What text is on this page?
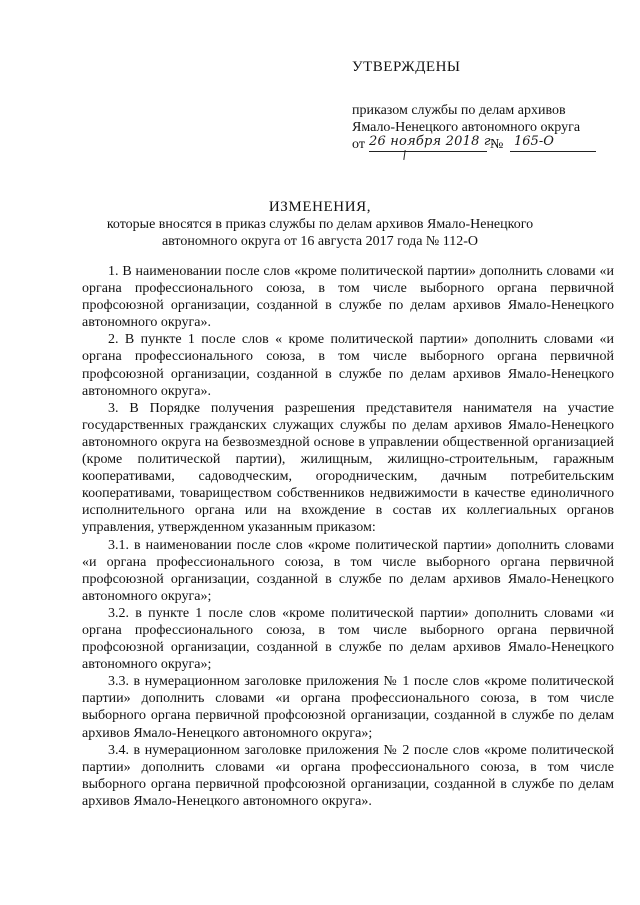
УТВЕРЖДЕНЫ
приказом службы по делам архивов
Ямало-Ненецкого автономного округа
от 26 ноября 2018 г.
№ 165-О
ИЗМЕНЕНИЯ,
которые вносятся в приказ службы по делам архивов Ямало-Ненецкого
автономного округа от 16 августа 2017 года № 112-О

1. В наименовании после слов «кроме политической партии» дополнить словами «и органа профессионального союза, в том числе выборного органа первичной профсоюзной организации, созданной в службе по делам архивов Ямало-Ненецкого автономного округа».

2. В пункте 1 после слов « кроме политической партии» дополнить словами «и органа профессионального союза, в том числе выборного органа первичной профсоюзной организации, созданной в службе по делам архивов Ямало-Ненецкого автономного округа».

3. В Порядке получения разрешения представителя нанимателя на участие государственных гражданских служащих службы по делам архивов Ямало-Ненецкого автономного округа на безвозмездной основе в управлении общественной организацией (кроме политической партии), жилищным, жилищно-строительным, гаражным кооперативами, садоводческим, огородническим, дачным потребительским кооперативами, товариществом собственников недвижимости в качестве единоличного исполнительного органа или на вхождение в состав их коллегиальных органов управления, утвержденном указанным приказом:

3.1. в наименовании после слов «кроме политической партии» дополнить словами «и органа профессионального союза, в том числе выборного органа первичной профсоюзной организации, созданной в службе по делам архивов Ямало-Ненецкого автономного округа»;

3.2. в пункте 1 после слов «кроме политической партии» дополнить словами «и органа профессионального союза, в том числе выборного органа первичной профсоюзной организации, созданной в службе по делам архивов Ямало-Ненецкого автономного округа»;

3.3. в нумерационном заголовке приложения № 1 после слов «кроме политической партии» дополнить словами «и органа профессионального союза, в том числе выборного органа первичной профсоюзной организации, созданной в службе по делам архивов Ямало-Ненецкого автономного округа»;

3.4. в нумерационном заголовке приложения № 2 после слов «кроме политической партии» дополнить словами «и органа профессионального союза, в том числе выборного органа первичной профсоюзной организации, созданной в службе по делам архивов Ямало-Ненецкого автономного округа».
